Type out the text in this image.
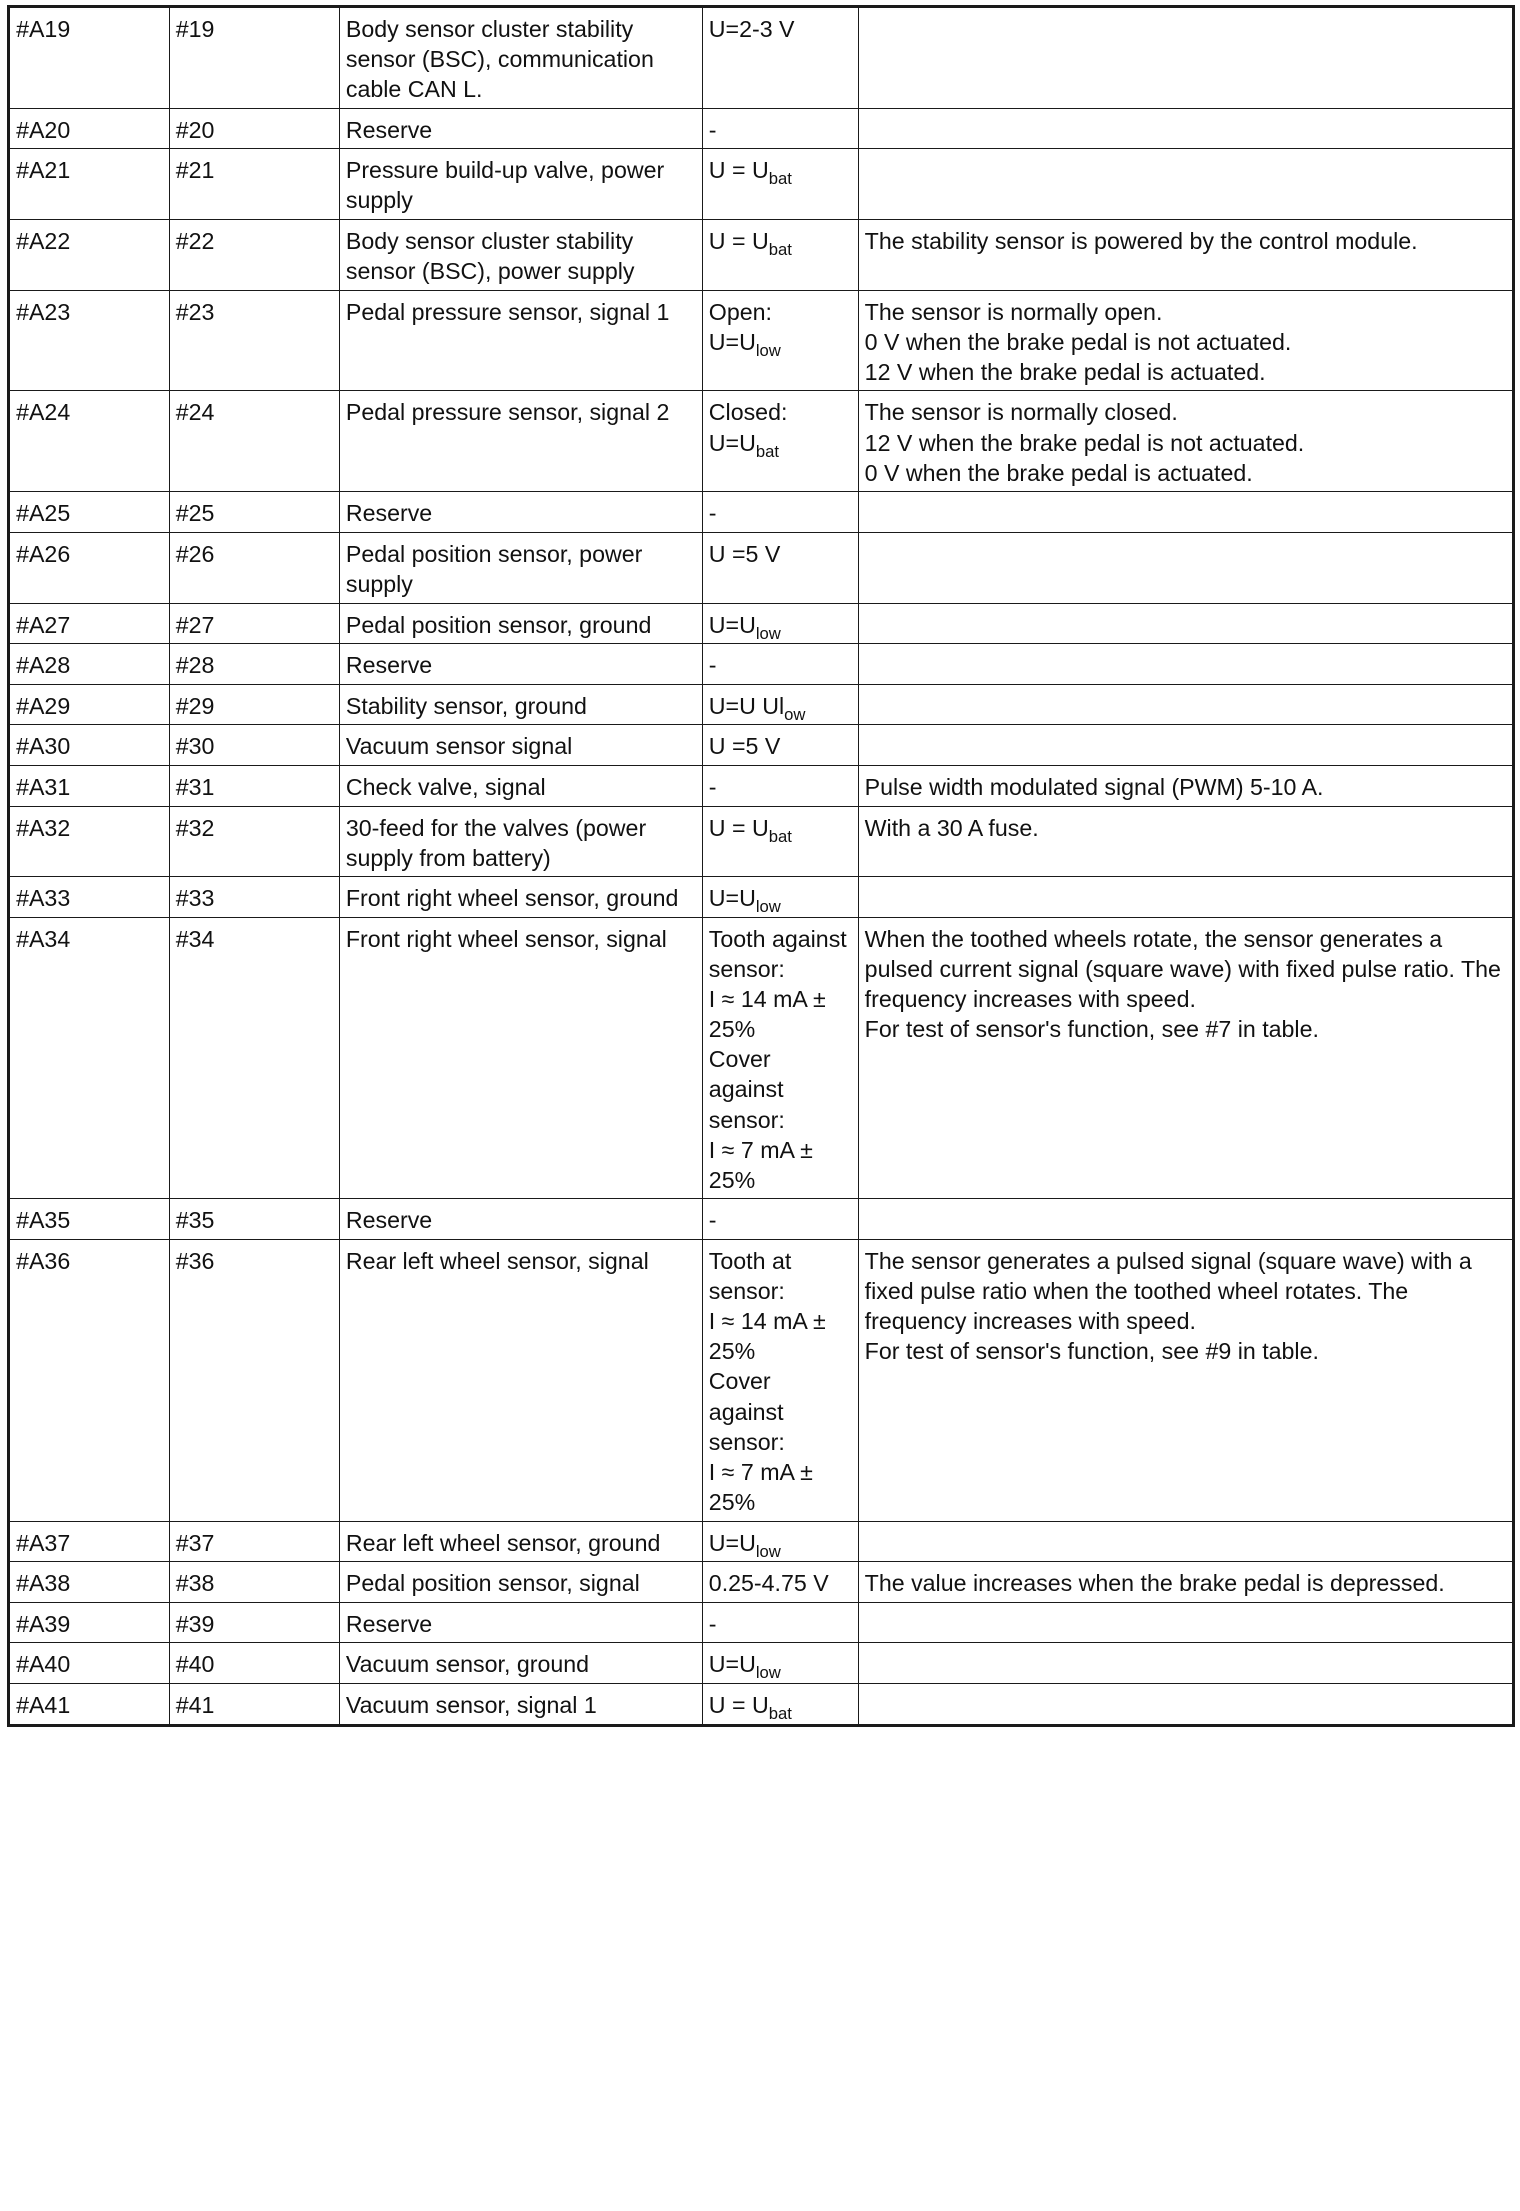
#A19	#19	Body sensor cluster stability sensor (BSC), communication cable CAN L.	U=2-3 V	
#A20	#20	Reserve	-	
#A21	#21	Pressure build-up valve, power supply	$U = U_{bat}$	
#A22	#22	Body sensor cluster stability sensor (BSC), power supply	$U = U_{bat}$	The stability sensor is powered by the control module.
#A23	#23	Pedal pressure sensor, signal 1	Open:
$U=U_{low}$	The sensor is normally open.
0 V when the brake pedal is not actuated.
12 V when the brake pedal is actuated.
#A24	#24	Pedal pressure sensor, signal 2	Closed:
$U=U_{bat}$	The sensor is normally closed.
12 V when the brake pedal is not actuated.
0 V when the brake pedal is actuated.
#A25	#25	Reserve	-	
#A26	#26	Pedal position sensor, power supply	U =5 V	
#A27	#27	Pedal position sensor, ground	$U=U_{low}$	
#A28	#28	Reserve	-	
#A29	#29	Stability sensor, ground	U=U $Ul_{ow}$	
#A30	#30	Vacuum sensor signal	U =5 V	
#A31	#31	Check valve, signal	-	Pulse width modulated signal (PWM) 5-10 A.
#A32	#32	30-feed for the valves (power supply from battery)	$U = U_{bat}$	With a 30 A fuse.
#A33	#33	Front right wheel sensor, ground	$U=U_{low}$	
#A34	#34	Front right wheel sensor, signal	Tooth against sensor:
I ≈ 14 mA ± 25%
Cover against sensor:
I ≈ 7 mA ± 25%	When the toothed wheels rotate, the sensor generates a pulsed current signal (square wave) with fixed pulse ratio. The frequency increases with speed.
For test of sensor's function, see #7 in table.
#A35	#35	Reserve	-	
#A36	#36	Rear left wheel sensor, signal	Tooth at sensor:
I ≈ 14 mA ± 25%
Cover against sensor:
I ≈ 7 mA ± 25%	The sensor generates a pulsed signal (square wave) with a fixed pulse ratio when the toothed wheel rotates. The frequency increases with speed.
For test of sensor's function, see #9 in table.
#A37	#37	Rear left wheel sensor, ground	$U=U_{low}$	
#A38	#38	Pedal position sensor, signal	0.25-4.75 V	The value increases when the brake pedal is depressed.
#A39	#39	Reserve	-	
#A40	#40	Vacuum sensor, ground	$U=U_{low}$	
#A41	#41	Vacuum sensor, signal 1	$U = U_{bat}$	
